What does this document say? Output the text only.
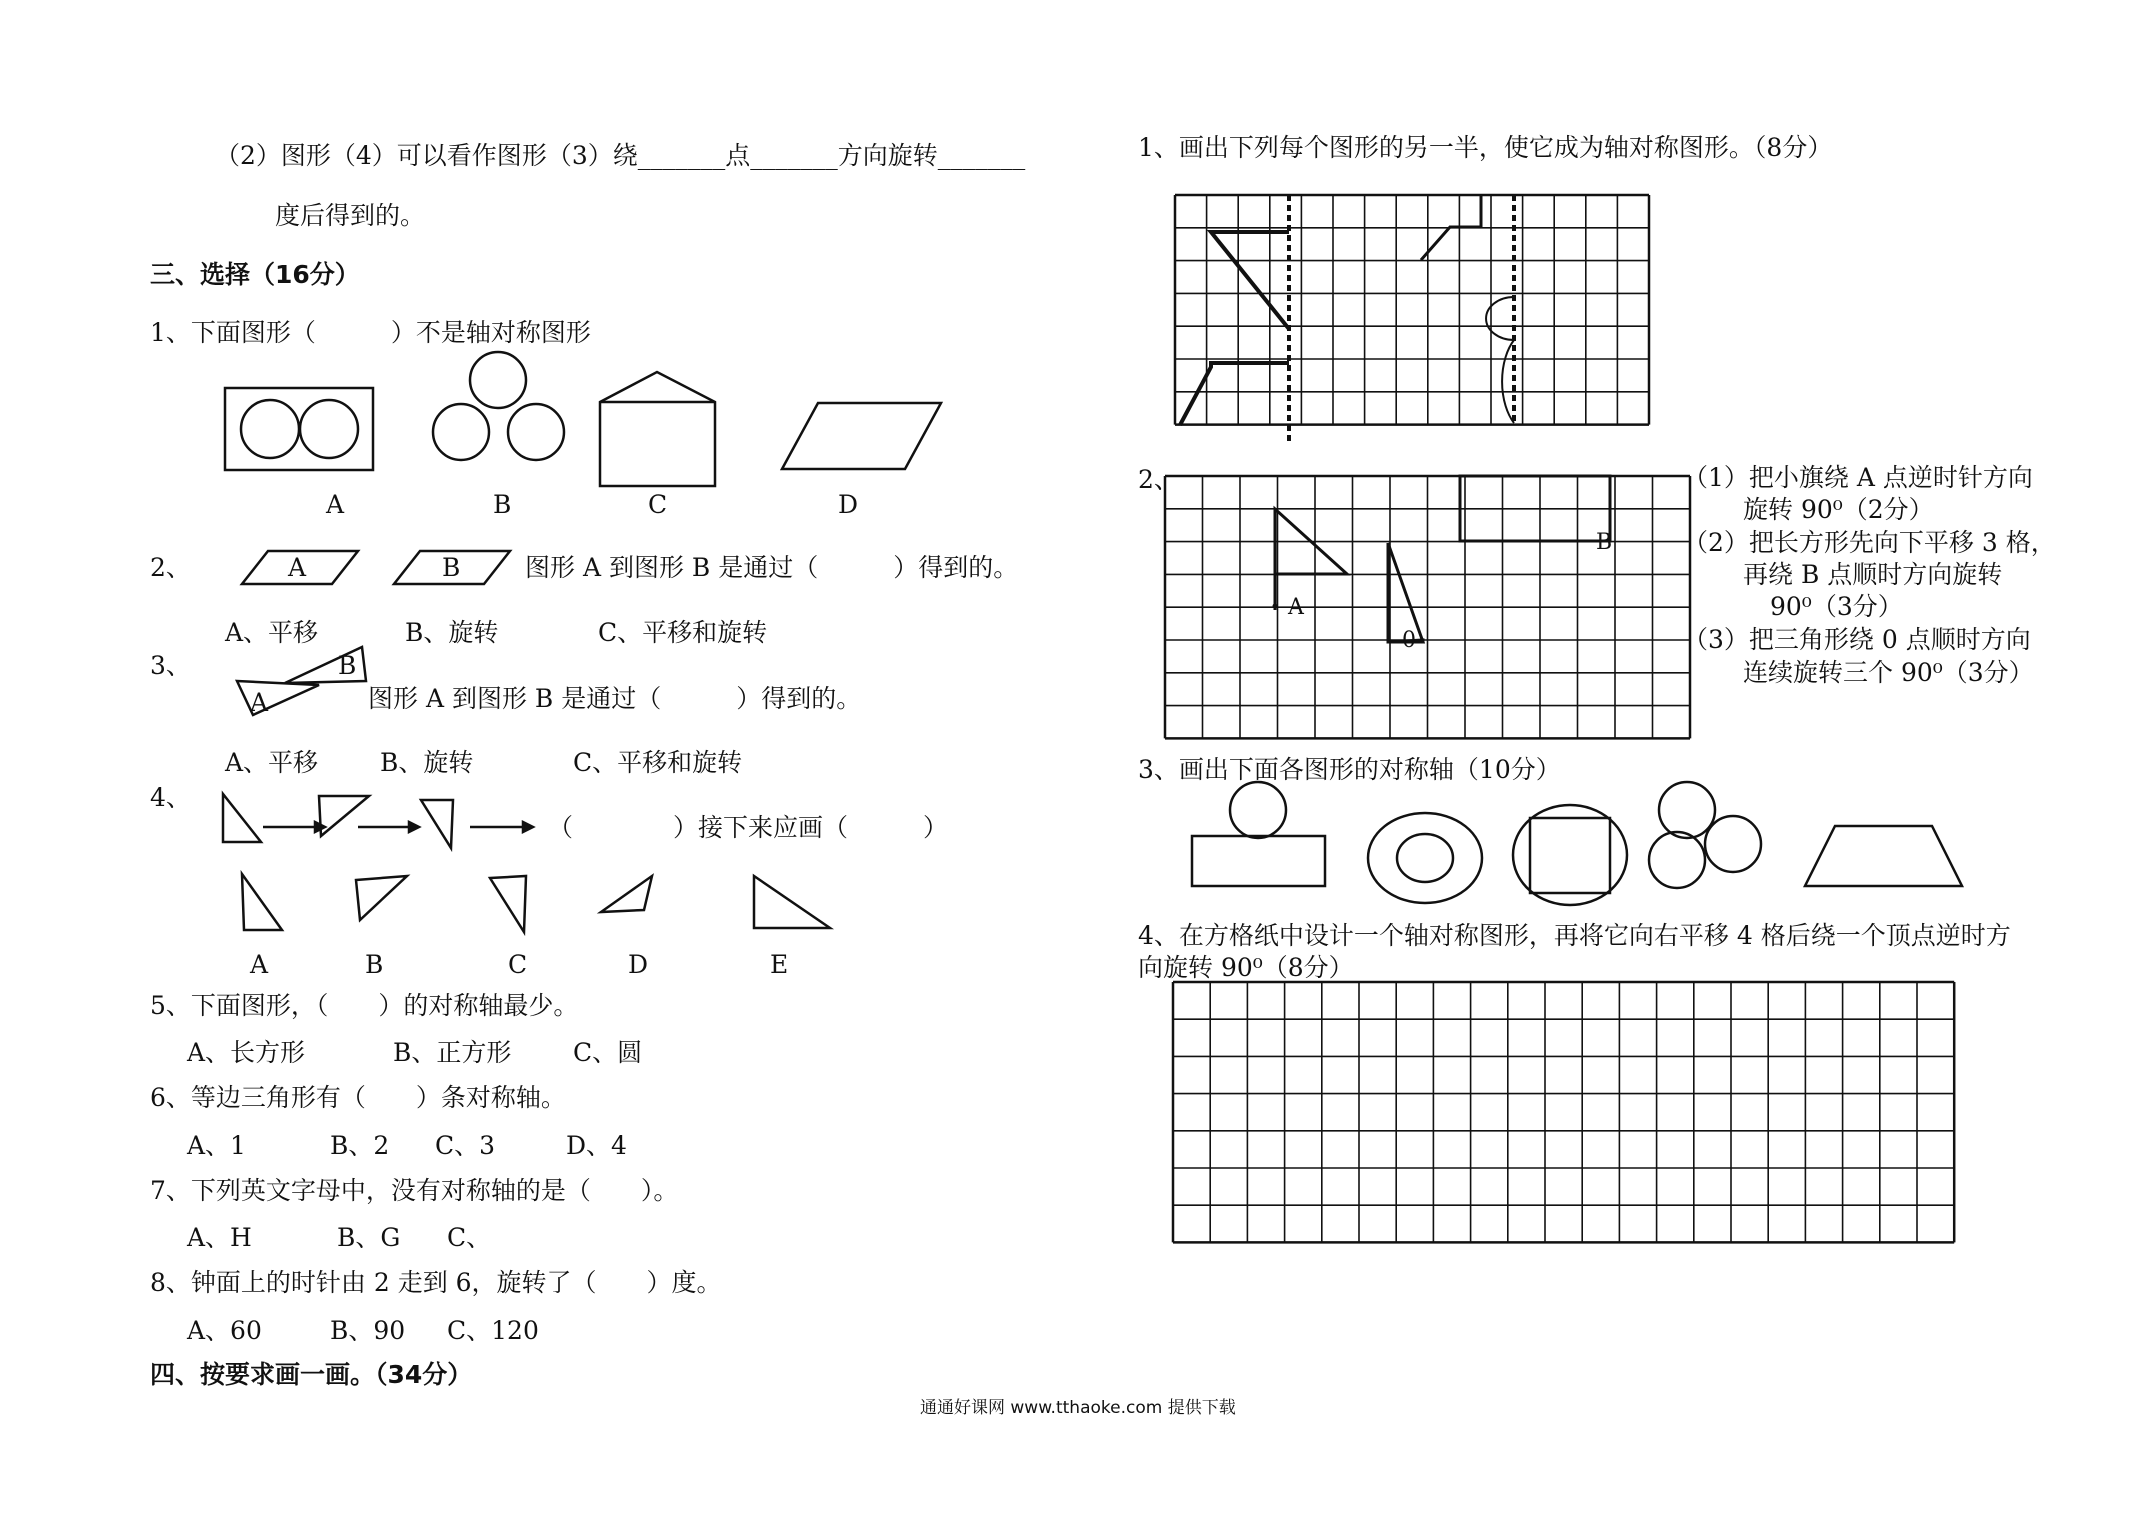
（2）图形（4）可以看作图形（3）绕_______点_______方向旋转_______
度后得到的。
三、选择（16分）
1、下面图形（　　　）不是轴对称图形
A	B	C	D
2、	A	B	图形 A 到图形 B 是通过（　　　）得到的。
A、平移	B、旋转	C、平移和旋转
3、
A
B
图形 A 到图形 B 是通过（　　　）得到的。
A、平移 B、旋转	C、平移和旋转
4、
（　　　　）接下来应画（　　　）
A	B	C	D	E
5、下面图形，（　　）的对称轴最少。
A、长方形	B、正方形 C、圆
6、等边三角形有（　　）条对称轴。
A、1	B、2 C、3	D、4
7、下列英文字母中，没有对称轴的是（　　）。
A、H	B、G C、
8、钟面上的时针由 2 走到 6，旋转了（　　）度。
A、60	B、90 C、120
四、按要求画一画。（34分）
1、画出下列每个图形的另一半，使它成为轴对称图形。（8分）
2、
A
B
0
（1）把小旗绕 A 点逆时针方向
旋转 90⁰（2分）
（2）把长方形先向下平移 3 格，
再绕 B 点顺时方向旋转
90⁰（3分）
（3）把三角形绕 0 点顺时方向
连续旋转三个 90⁰（3分）
3、画出下面各图形的对称轴（10分）
4、在方格纸中设计一个轴对称图形，再将它向右平移 4 格后绕一个顶点逆时方
向旋转 90⁰（8分）
通通好课网 www.tthaoke.com 提供下载
